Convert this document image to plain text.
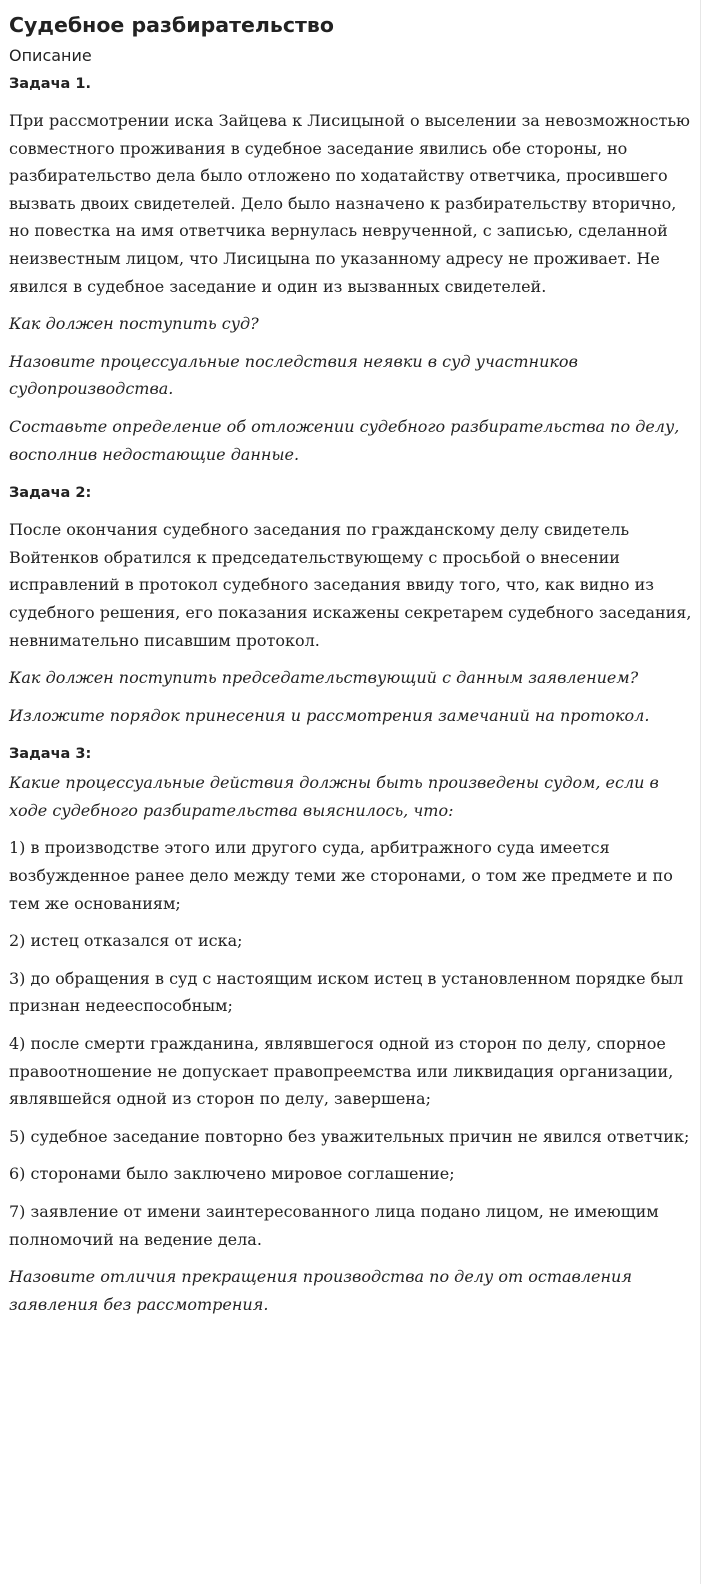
Судебное разбирательство
Описание
Задача 1.

При рассмотрении иска Зайцева к Лисицыной о выселении за невозможностью совместного проживания в судебное заседание явились обе стороны, но разбирательство дела было отложено по ходатайству ответчика, просившего вызвать двоих свидетелей. Дело было назначено к разбирательству вторично, но повестка на имя ответчика вернулась неврученной, с записью, сделанной неизвестным лицом, что Лисицына по указанному адресу не проживает. Не явился в судебное заседание и один из вызванных свидетелей.

Как должен поступить суд?

Назовите процессуальные последствия неявки в суд участников судопроизводства.

Составьте определение об отложении судебного разбирательства по делу, восполнив недостающие данные.

Задача 2:

После окончания судебного заседания по гражданскому делу свидетель Войтенков обратился к председательствующему с просьбой о внесении исправлений в протокол судебного заседания ввиду того, что, как видно из судебного решения, его показания искажены секретарем судебного заседания, невнимательно писавшим протокол.

Как должен поступить председательствующий с данным заявлением?

Изложите порядок принесения и рассмотрения замечаний на протокол.

Задача 3:

Какие процессуальные действия должны быть произведены судом, если в ходе судебного разбирательства выяснилось, что:

1) в производстве этого или другого суда, арбитражного суда имеется возбужденное ранее дело между теми же сторонами, о том же предмете и по тем же основаниям;

2) истец отказался от иска;

3) до обращения в суд с настоящим иском истец в установленном порядке был признан недееспособным;

4) после смерти гражданина, являвшегося одной из сторон по делу, спорное правоотношение не допускает правопреемства или ликвидация организации, являвшейся одной из сторон по делу, завершена;

5) судебное заседание повторно без уважительных причин не явился ответчик;

6) сторонами было заключено мировое соглашение;

7) заявление от имени заинтересованного лица подано лицом, не имеющим полномочий на ведение дела.

Назовите отличия прекращения производства по делу от оставления заявления без рассмотрения.
